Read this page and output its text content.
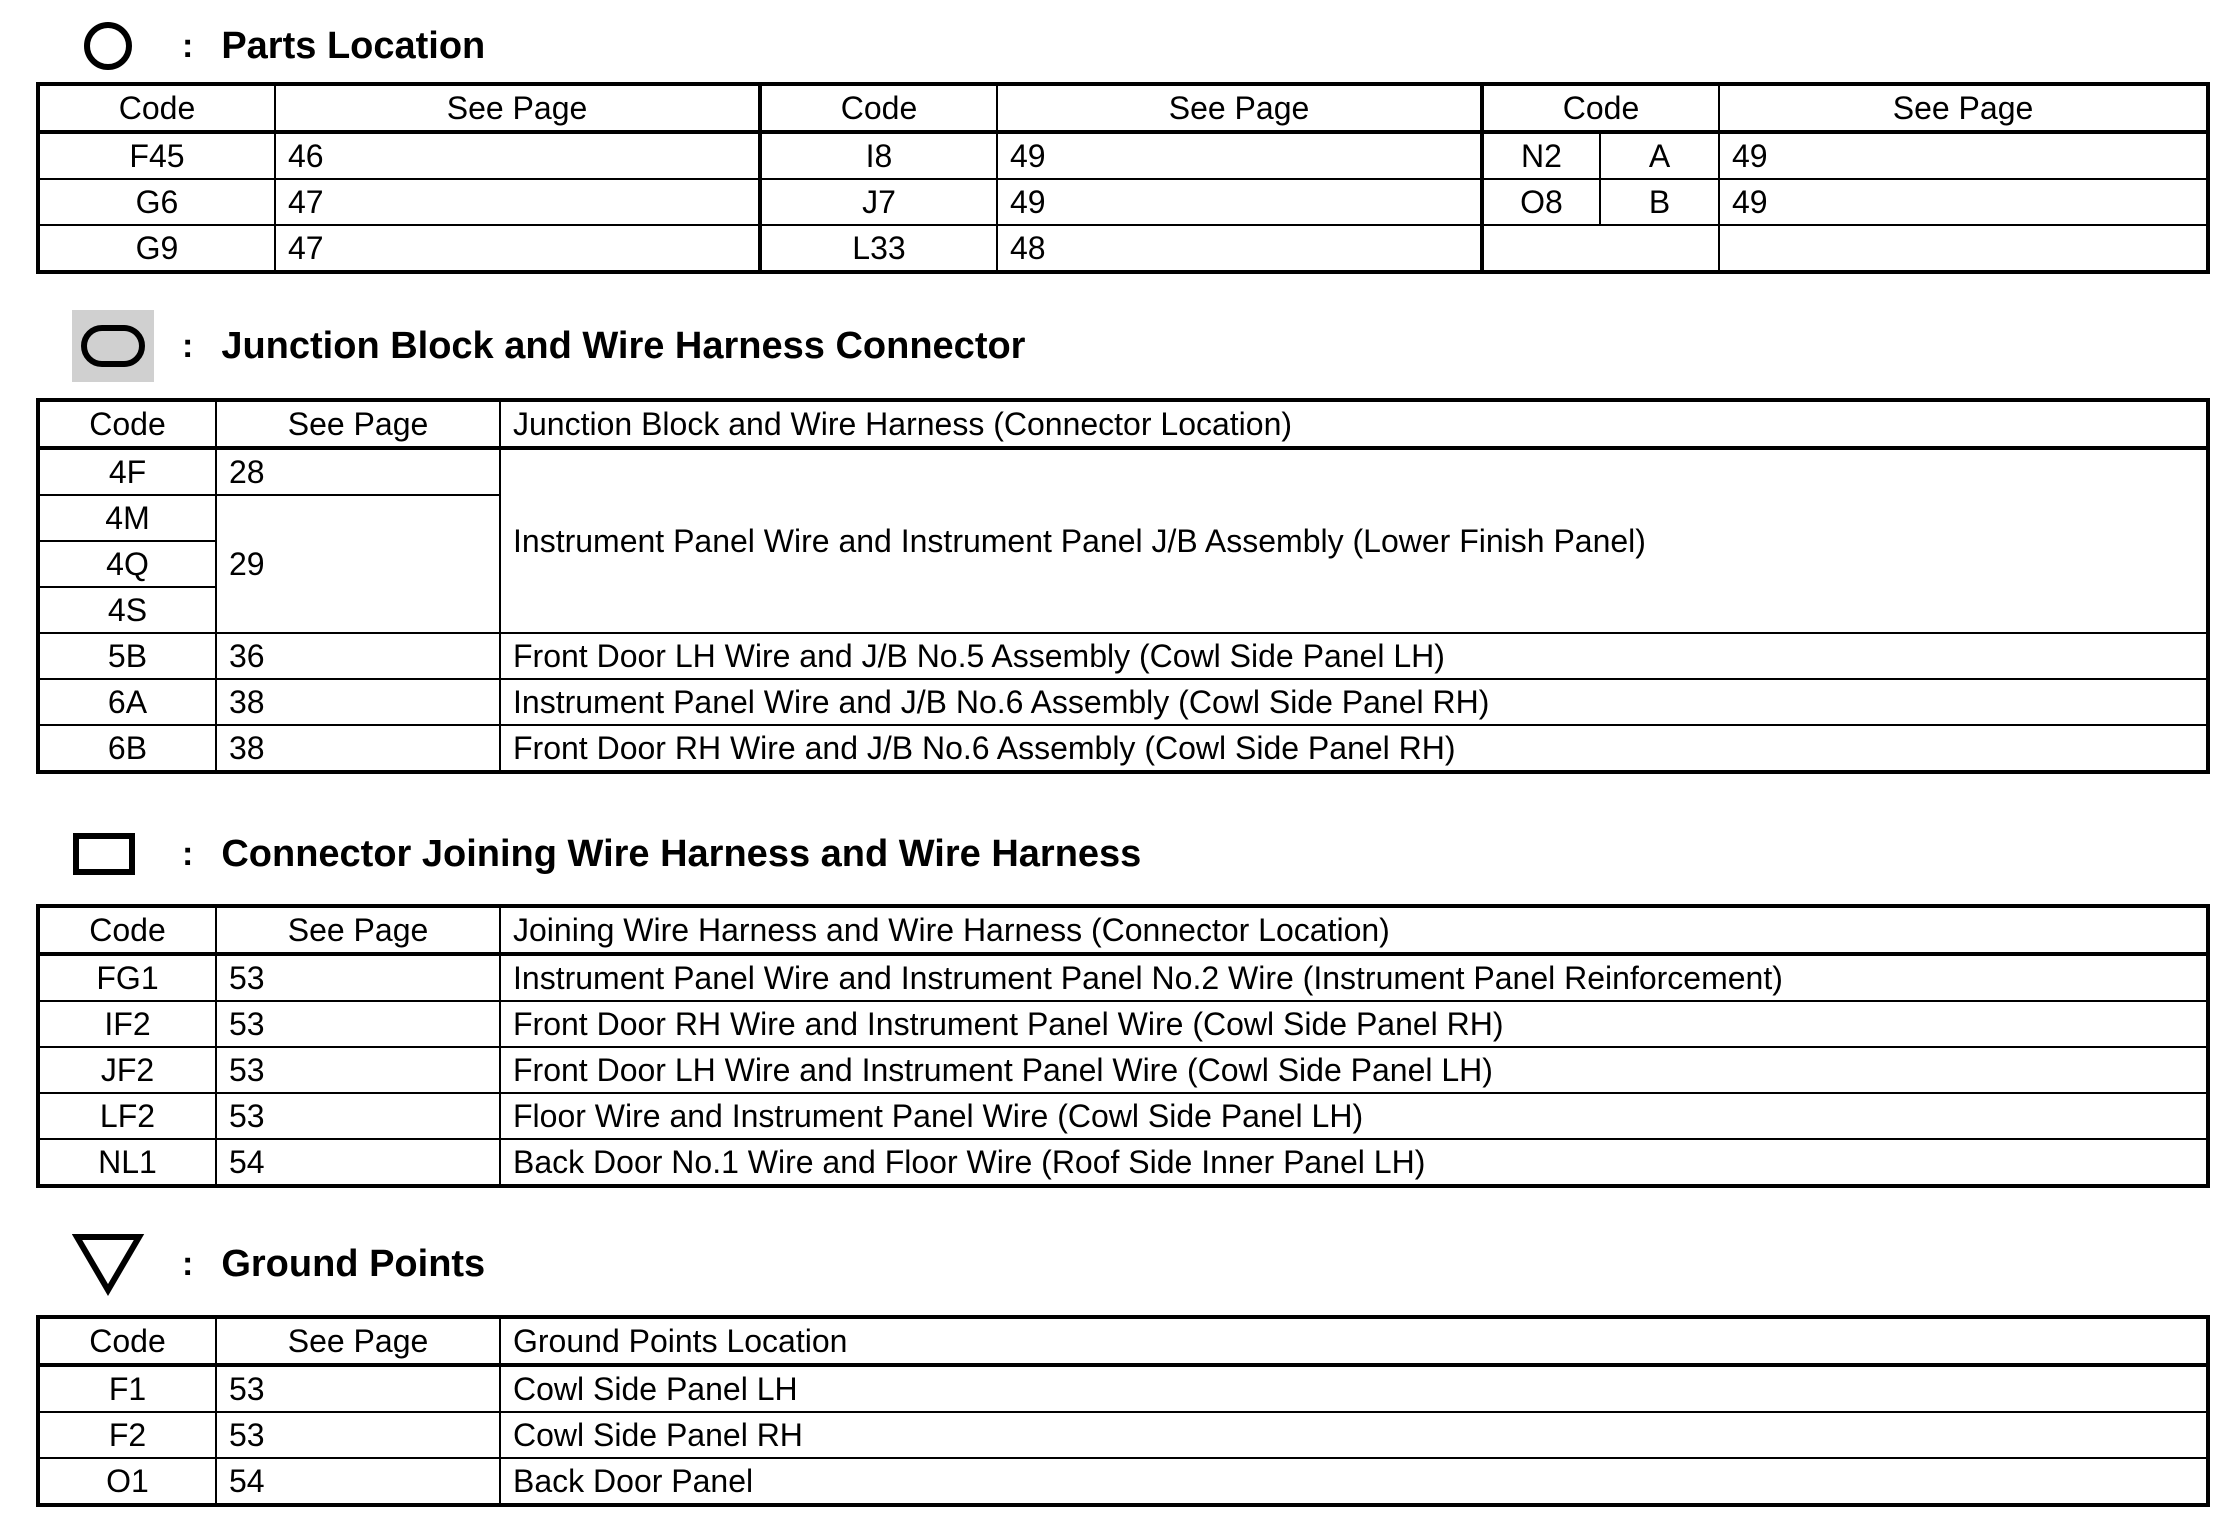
: Parts Location
Code	See Page	Code	See Page	Code		See Page
F45	46	I8	49	N2	A	49
G6	47	J7	49	O8	B	49
G9	47	L33	48			
: Junction Block and Wire Harness Connector
Code	See Page	Junction Block and Wire Harness (Connector Location)
4F	28	Instrument Panel Wire and Instrument Panel J/B Assembly (Lower Finish Panel)
4M	29	
4Q		
4S		
5B	36	Front Door LH Wire and J/B No.5 Assembly (Cowl Side Panel LH)
6A	38	Instrument Panel Wire and J/B No.6 Assembly (Cowl Side Panel RH)
6B	38	Front Door RH Wire and J/B No.6 Assembly (Cowl Side Panel RH)
: Connector Joining Wire Harness and Wire Harness
Code	See Page	Joining Wire Harness and Wire Harness (Connector Location)
FG1	53	Instrument Panel Wire and Instrument Panel No.2 Wire (Instrument Panel Reinforcement)
IF2	53	Front Door RH Wire and Instrument Panel Wire (Cowl Side Panel RH)
JF2	53	Front Door LH Wire and Instrument Panel Wire (Cowl Side Panel LH)
LF2	53	Floor Wire and Instrument Panel Wire (Cowl Side Panel LH)
NL1	54	Back Door No.1 Wire and Floor Wire (Roof Side Inner Panel LH)
: Ground Points
Code	See Page	Ground Points Location
F1	53	Cowl Side Panel LH
F2	53	Cowl Side Panel RH
O1	54	Back Door Panel
